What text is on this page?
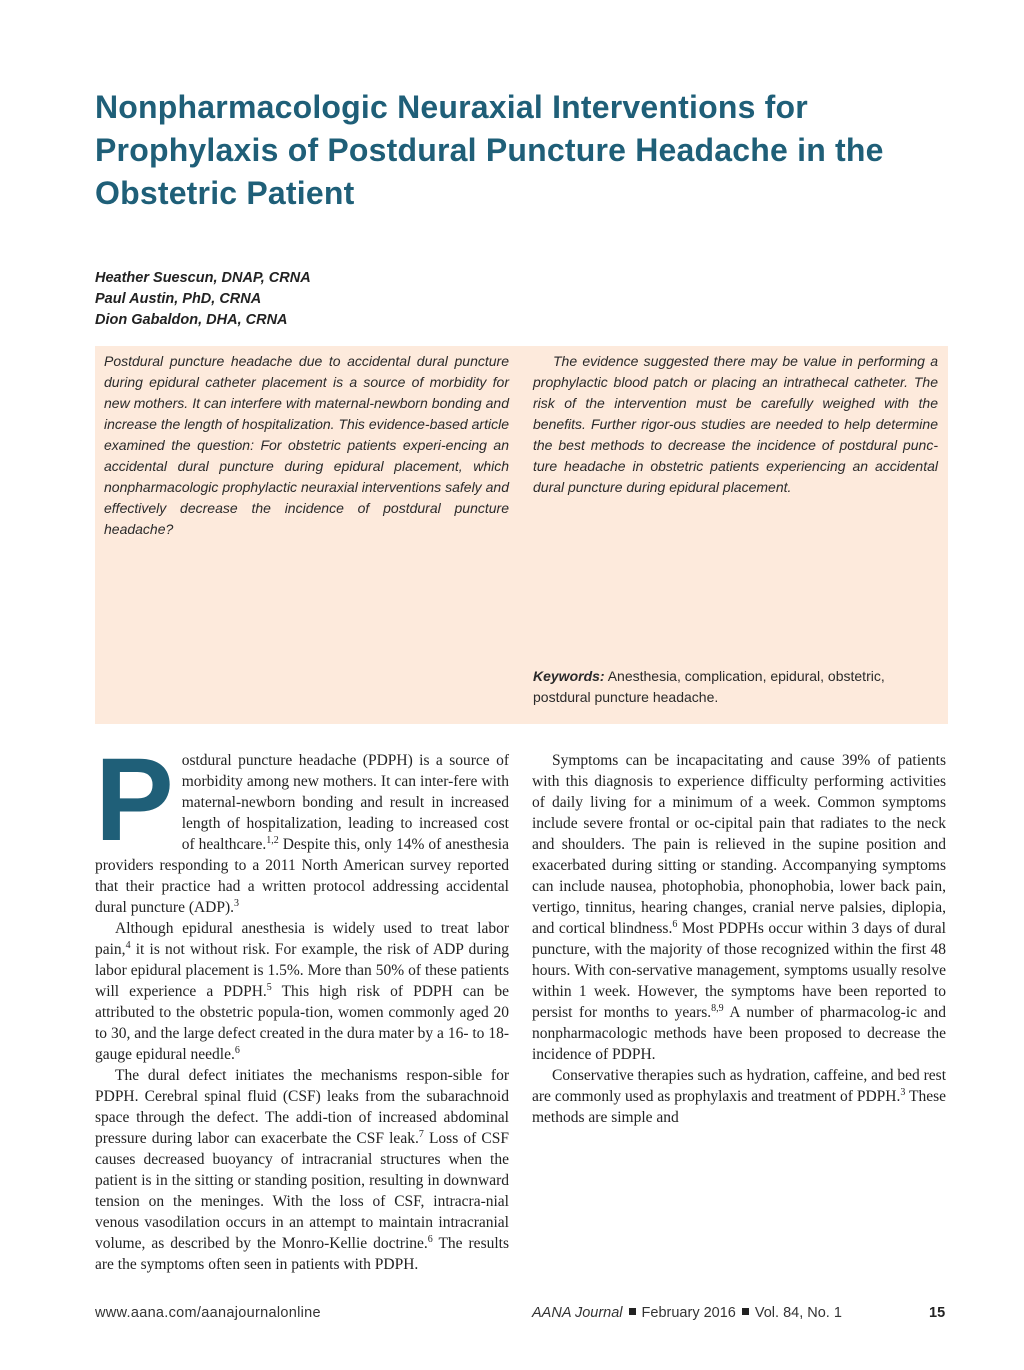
Nonpharmacologic Neuraxial Interventions for Prophylaxis of Postdural Puncture Headache in the Obstetric Patient
Heather Suescun, DNAP, CRNA
Paul Austin, PhD, CRNA
Dion Gabaldon, DHA, CRNA

Postdural puncture headache due to accidental dural puncture during epidural catheter placement is a source of morbidity for new mothers. It can interfere with maternal-newborn bonding and increase the length of hospitalization. This evidence-based article examined the question: For obstetric patients experi-encing an accidental dural puncture during epidural placement, which nonpharmacologic prophylactic neuraxial interventions safely and effectively decrease the incidence of postdural puncture headache?

The evidence suggested there may be value in performing a prophylactic blood patch or placing an intrathecal catheter. The risk of the intervention must be carefully weighed with the benefits. Further rigor-ous studies are needed to help determine the best methods to decrease the incidence of postdural punc-ture headache in obstetric patients experiencing an accidental dural puncture during epidural placement.

Keywords: Anesthesia, complication, epidural, obstetric, postdural puncture headache.

Postdural puncture headache (PDPH) is a source of morbidity among new mothers. It can inter-fere with maternal-newborn bonding and result in increased length of hospitalization, leading to increased cost of healthcare.$^{1,2}$ Despite this, only 14% of anesthesia providers responding to a 2011 North American survey reported that their practice had a written protocol addressing accidental dural puncture (ADP).$^3$

Although epidural anesthesia is widely used to treat labor pain,$^4$ it is not without risk. For example, the risk of ADP during labor epidural placement is 1.5%. More than 50% of these patients will experience a PDPH.$^5$ This high risk of PDPH can be attributed to the obstetric popula-tion, women commonly aged 20 to 30, and the large defect created in the dura mater by a 16- to 18-gauge epidural needle.$^6$

The dural defect initiates the mechanisms respon-sible for PDPH. Cerebral spinal fluid (CSF) leaks from the subarachnoid space through the defect. The addi-tion of increased abdominal pressure during labor can exacerbate the CSF leak.$^7$ Loss of CSF causes decreased buoyancy of intracranial structures when the patient is in the sitting or standing position, resulting in downward tension on the meninges. With the loss of CSF, intracra-nial venous vasodilation occurs in an attempt to maintain intracranial volume, as described by the Monro-Kellie doctrine.$^6$ The results are the symptoms often seen in patients with PDPH.

Symptoms can be incapacitating and cause 39% of patients with this diagnosis to experience difficulty performing activities of daily living for a minimum of a week. Common symptoms include severe frontal or oc-cipital pain that radiates to the neck and shoulders. The pain is relieved in the supine position and exacerbated during sitting or standing. Accompanying symptoms can include nausea, photophobia, phonophobia, lower back pain, vertigo, tinnitus, hearing changes, cranial nerve palsies, diplopia, and cortical blindness.$^6$ Most PDPHs occur within 3 days of dural puncture, with the majority of those recognized within the first 48 hours. With con-servative management, symptoms usually resolve within 1 week. However, the symptoms have been reported to persist for months to years.$^{8,9}$ A number of pharmacolog-ic and nonpharmacologic methods have been proposed to decrease the incidence of PDPH.

Conservative therapies such as hydration, caffeine, and bed rest are commonly used as prophylaxis and treatment of PDPH.$^3$ These methods are simple and

www.aana.com/aanajournalonline	AANA Journal February 2016 Vol. 84, No. 1	15
